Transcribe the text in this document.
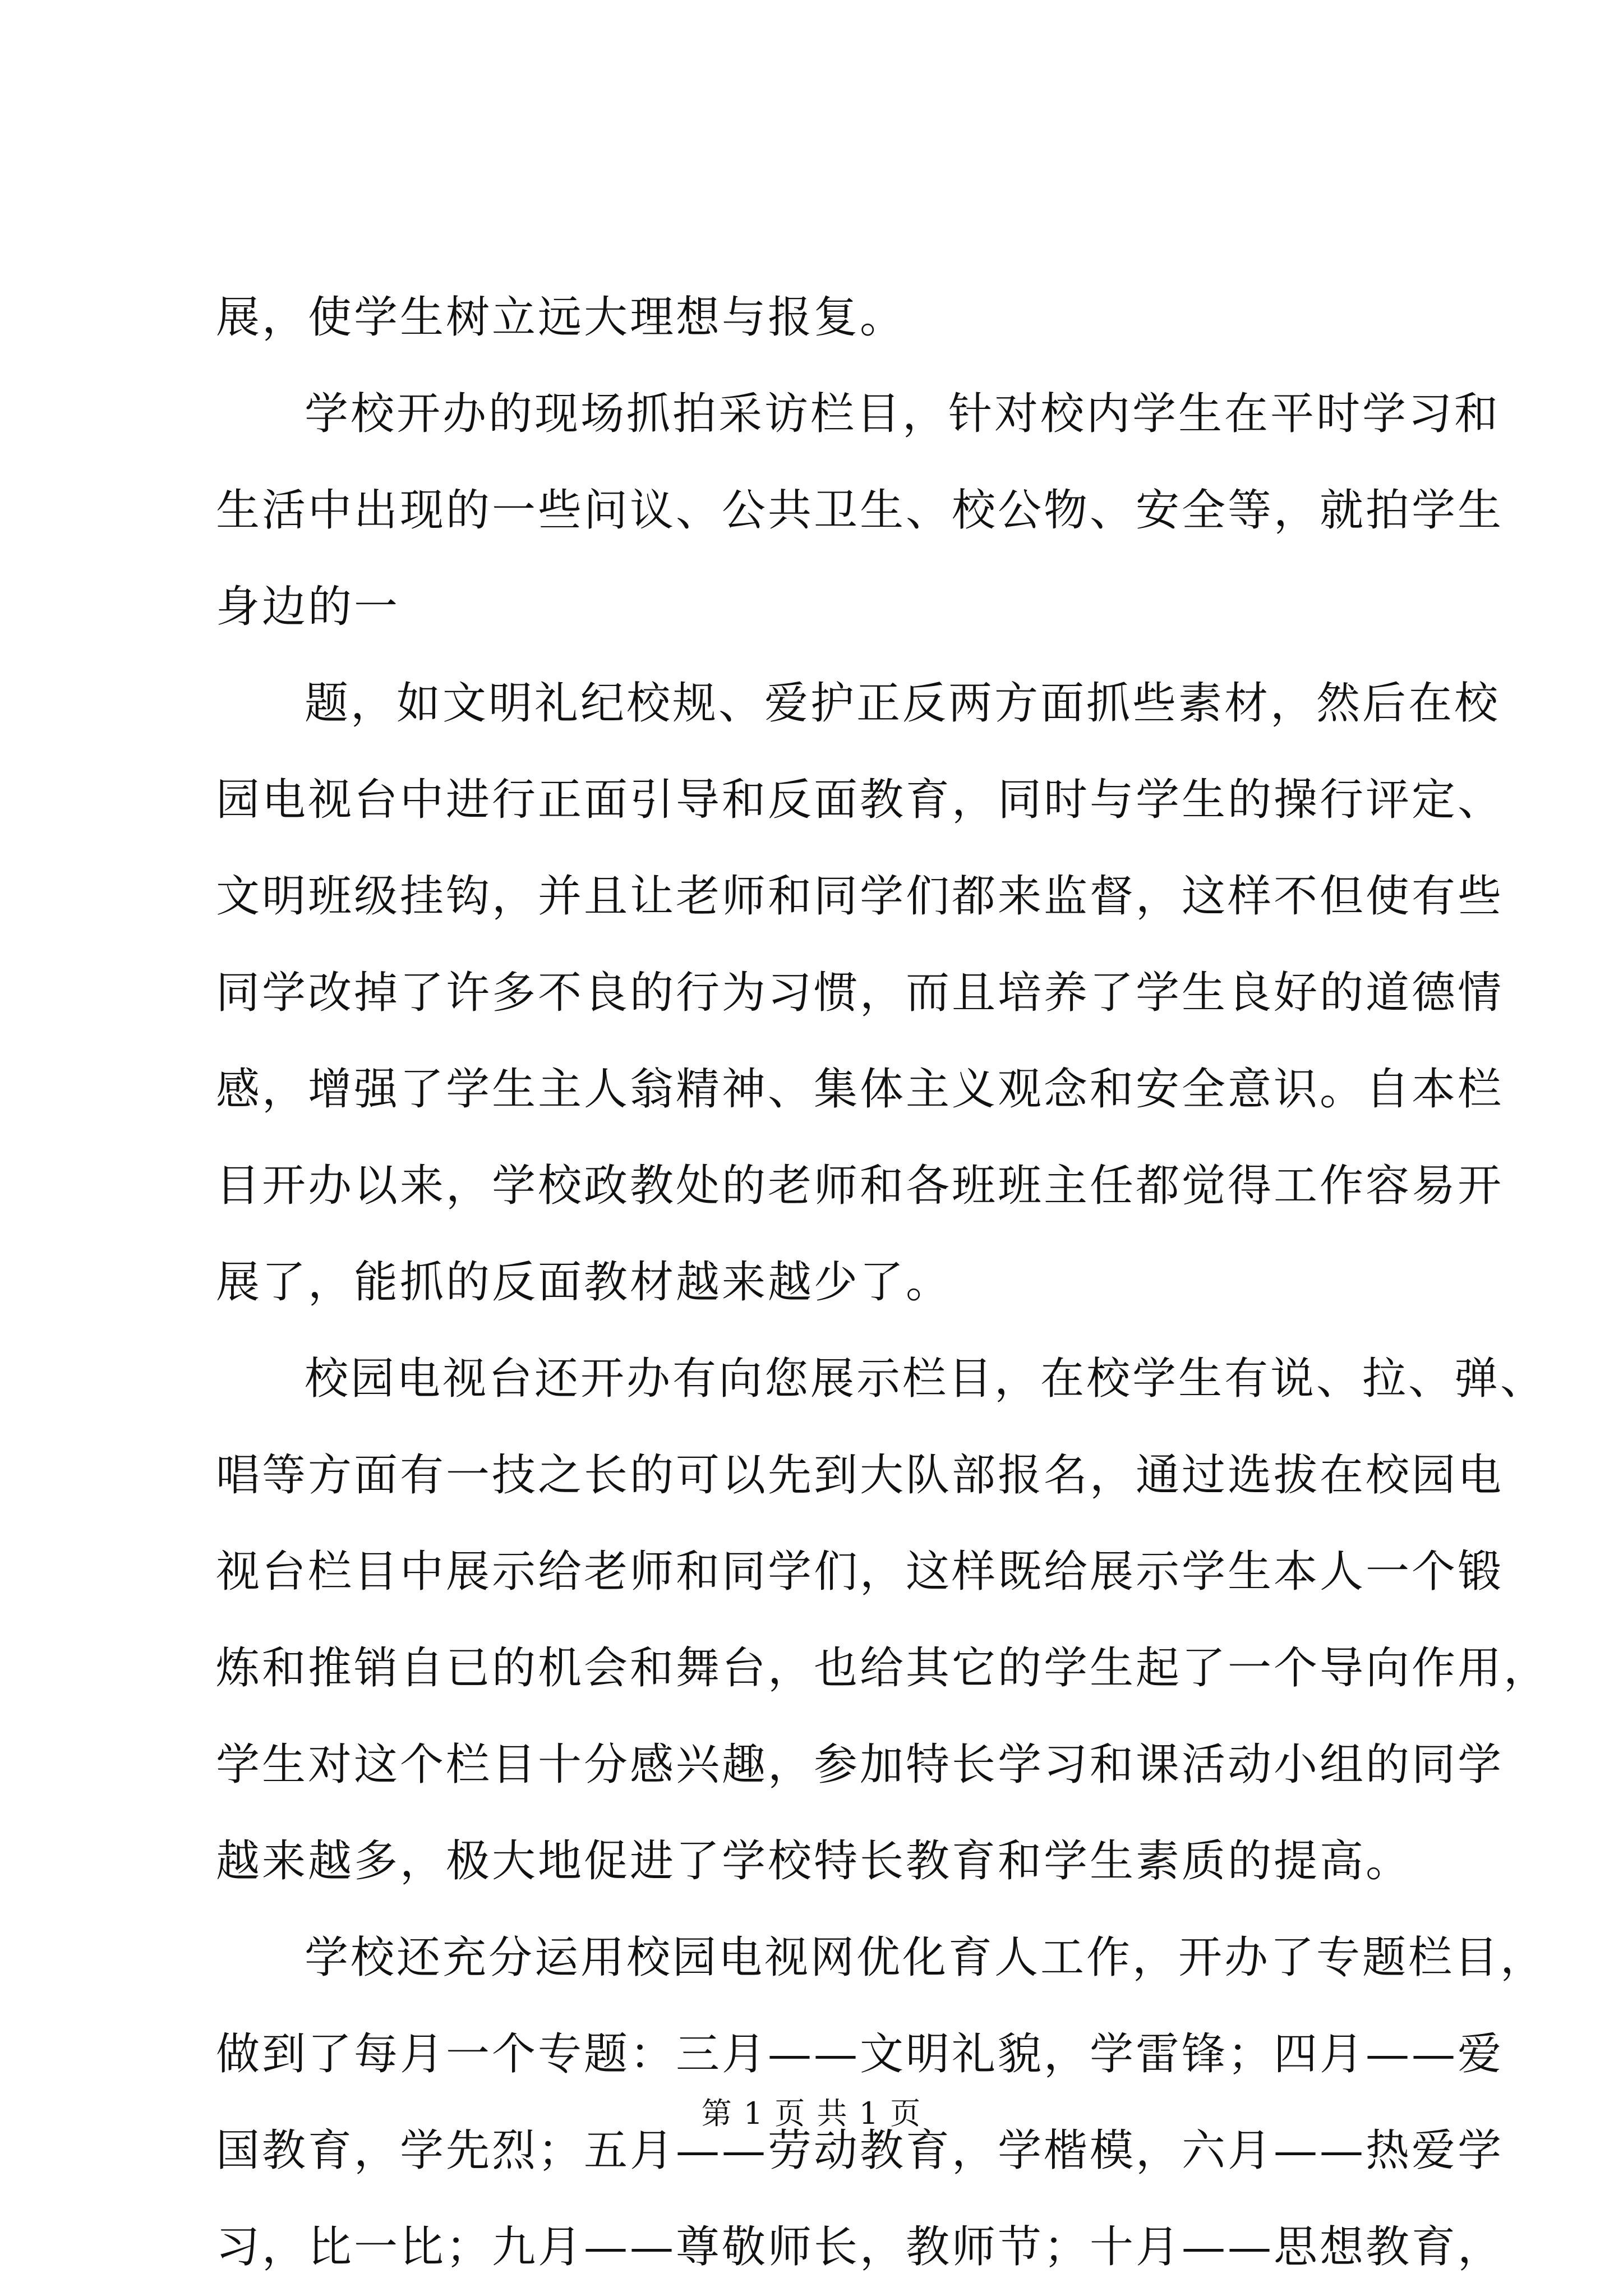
展，使学生树立远大理想与报复。
学校开办的现场抓拍采访栏目，针对校内学生在平时学习和
生活中出现的一些问议、公共卫生、校公物、安全等，就拍学生
身边的一
题，如文明礼纪校规、爱护正反两方面抓些素材，然后在校
园电视台中进行正面引导和反面教育，同时与学生的操行评定、
文明班级挂钩，并且让老师和同学们都来监督，这样不但使有些
同学改掉了许多不良的行为习惯，而且培养了学生良好的道德情
感，增强了学生主人翁精神、集体主义观念和安全意识。自本栏
目开办以来，学校政教处的老师和各班班主任都觉得工作容易开
展了，能抓的反面教材越来越少了。
校园电视台还开办有向您展示栏目，在校学生有说、拉、弹、
唱等方面有一技之长的可以先到大队部报名，通过选拔在校园电
视台栏目中展示给老师和同学们，这样既给展示学生本人一个锻
炼和推销自已的机会和舞台，也给其它的学生起了一个导向作用，
学生对这个栏目十分感兴趣，参加特长学习和课活动小组的同学
越来越多，极大地促进了学校特长教育和学生素质的提高。
学校还充分运用校园电视网优化育人工作，开办了专题栏目，
做到了每月一个专题：三月——文明礼貌，学雷锋；四月——爱
国教育，学先烈；五月——劳动教育，学楷模，六月——热爱学
习，比一比；九月——尊敬师长，教师节；十月——思想教育，
第 1 页 共 1 页
